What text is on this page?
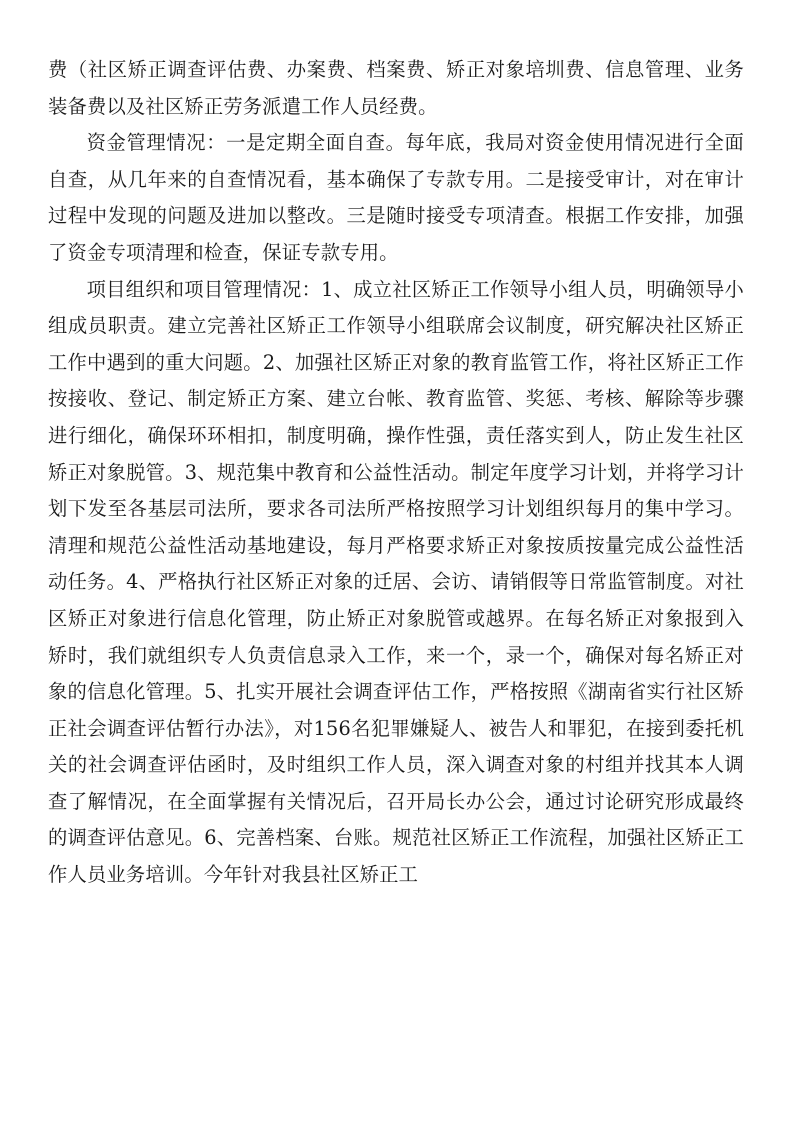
费（社区矫正调查评估费、办案费、档案费、矫正对象培圳费、信息管理、业务装备费以及社区矫正劳务派遣工作人员经费。

资金管理情况：一是定期全面自查。每年底，我局对资金使用情况进行全面自查，从几年来的自查情况看，基本确保了专款专用。二是接受审计，对在审计过程中发现的问题及进加以整改。三是随时接受专项清查。根据工作安排，加强了资金专项清理和检查，保证专款专用。

项目组织和项目管理情况：1、成立社区矫正工作领导小组人员，明确领导小组成员职责。建立完善社区矫正工作领导小组联席会议制度，研究解决社区矫正工作中遇到的重大问题。2、加强社区矫正对象的教育监管工作，将社区矫正工作按接收、登记、制定矫正方案、建立台帐、教育监管、奖惩、考核、解除等步骤进行细化，确保环环相扣，制度明确，操作性强，责任落实到人，防止发生社区矫正对象脱管。3、规范集中教育和公益性活动。制定年度学习计划，并将学习计划下发至各基层司法所，要求各司法所严格按照学习计划组织每月的集中学习。清理和规范公益性活动基地建设，每月严格要求矫正对象按质按量完成公益性活动任务。4、严格执行社区矫正对象的迁居、会访、请销假等日常监管制度。对社区矫正对象进行信息化管理，防止矫正对象脱管或越界。在每名矫正对象报到入矫时，我们就组织专人负责信息录入工作，来一个，录一个，确保对每名矫正对象的信息化管理。5、扎实开展社会调查评估工作，严格按照《湖南省实行社区矫正社会调查评估暂行办法》，对156名犯罪嫌疑人、被告人和罪犯，在接到委托机关的社会调查评估函时，及时组织工作人员，深入调查对象的村组并找其本人调查了解情况，在全面掌握有关情况后，召开局长办公会，通过讨论研究形成最终的调查评估意见。6、完善档案、台账。规范社区矫正工作流程，加强社区矫正工作人员业务培训。今年针对我县社区矫正工
